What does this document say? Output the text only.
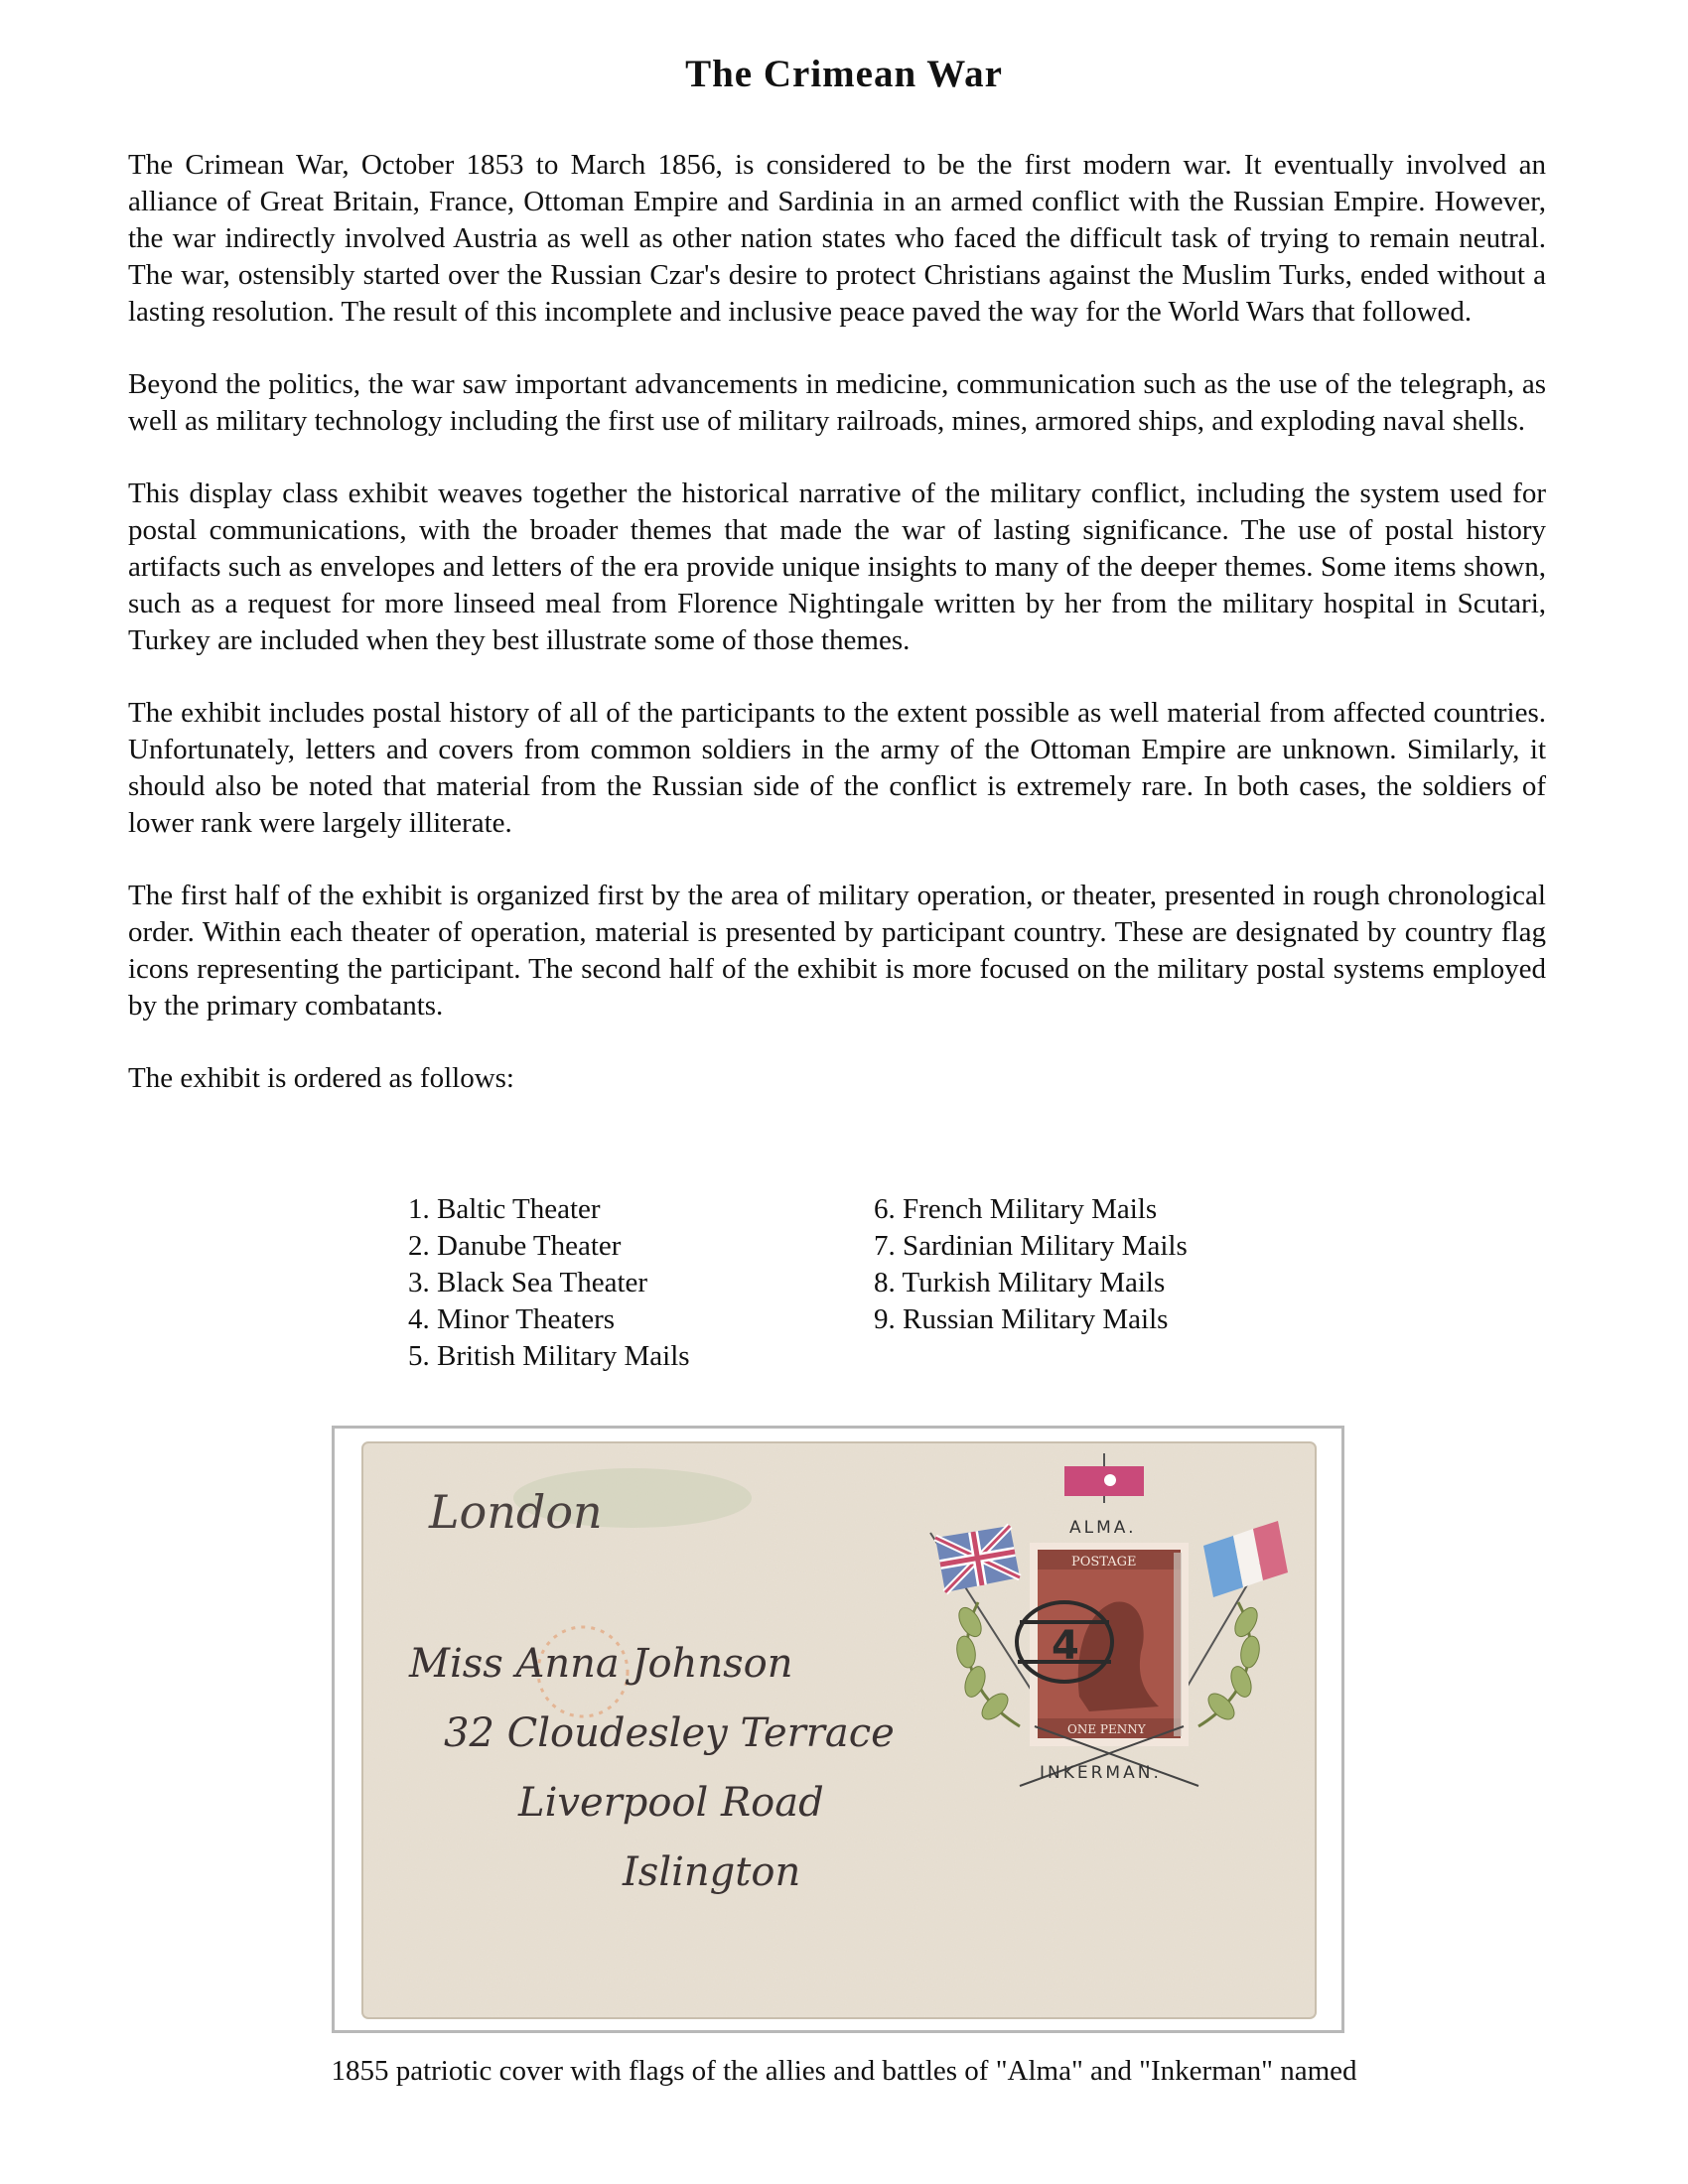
The Crimean War

The Crimean War, October 1853 to March 1856, is considered to be the first modern war. It eventually involved an alliance of Great Britain, France, Ottoman Empire and Sardinia in an armed conflict with the Russian Empire. However, the war indirectly involved Austria as well as other nation states who faced the difficult task of trying to remain neutral. The war, ostensibly started over the Russian Czar's desire to protect Christians against the Muslim Turks, ended without a lasting resolution. The result of this incomplete and inclusive peace paved the way for the World Wars that followed.

Beyond the politics, the war saw important advancements in medicine, communication such as the use of the telegraph, as well as military technology including the first use of military railroads, mines, armored ships, and exploding naval shells.

This display class exhibit weaves together the historical narrative of the military conflict, including the system used for postal communications, with the broader themes that made the war of lasting significance. The use of postal history artifacts such as envelopes and letters of the era provide unique insights to many of the deeper themes. Some items shown, such as a request for more linseed meal from Florence Nightingale written by her from the military hospital in Scutari, Turkey are included when they best illustrate some of those themes.

The exhibit includes postal history of all of the participants to the extent possible as well material from affected countries. Unfortunately, letters and covers from common soldiers in the army of the Ottoman Empire are unknown. Similarly, it should also be noted that material from the Russian side of the conflict is extremely rare. In both cases, the soldiers of lower rank were largely illiterate.

The first half of the exhibit is organized first by the area of military operation, or theater, presented in rough chronological order. Within each theater of operation, material is presented by participant country. These are designated by country flag icons representing the participant. The second half of the exhibit is more focused on the military postal systems employed by the primary combatants.

The exhibit is ordered as follows:

1. Baltic Theater
2. Danube Theater
3. Black Sea Theater
4. Minor Theaters
5. British Military Mails
6. French Military Mails
7. Sardinian Military Mails
8. Turkish Military Mails
9. Russian Military Mails
London
Miss Anna Johnson
32 Cloudesley Terrace
Liverpool Road
Islington
ALMA.
POSTAGE
ONE PENNY
4
INKERMAN.

1855 patriotic cover with flags of the allies and battles of "Alma" and "Inkerman" named
